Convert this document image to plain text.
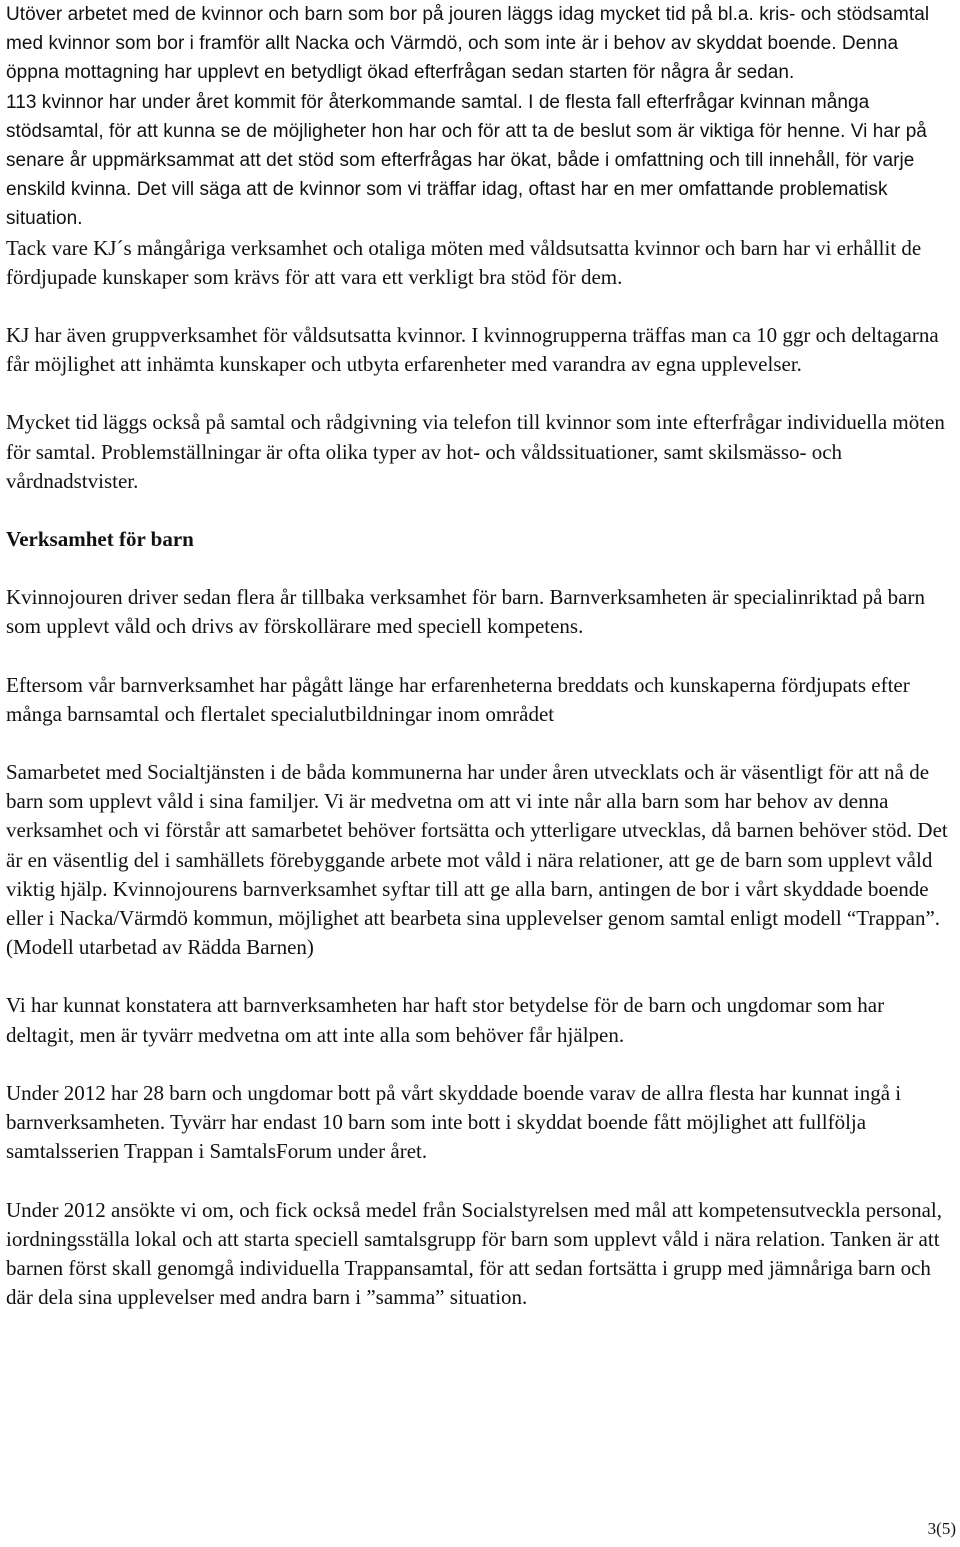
Utöver arbetet med de kvinnor och barn som bor på jouren läggs idag mycket tid på bl.a. kris- och stödsamtal med kvinnor som bor i framför allt Nacka och Värmdö, och som inte är i behov av skyddat boende. Denna öppna mottagning har upplevt en betydligt ökad efterfrågan sedan starten för några år sedan.

113 kvinnor har under året kommit för återkommande samtal. I de flesta fall efterfrågar kvinnan många stödsamtal, för att kunna se de möjligheter hon har och för att ta de beslut som är viktiga för henne. Vi har på senare år uppmärksammat att det stöd som efterfrågas har ökat, både i omfattning och till innehåll, för varje enskild kvinna. Det vill säga att de kvinnor som vi träffar idag, oftast har en mer omfattande problematisk situation.

Tack vare KJ´s mångåriga verksamhet och otaliga möten med våldsutsatta kvinnor och barn har vi erhållit de fördjupade kunskaper som krävs för att vara ett verkligt bra stöd för dem.

KJ har även gruppverksamhet för våldsutsatta kvinnor. I kvinnogrupperna träffas man ca 10 ggr och deltagarna får möjlighet att inhämta kunskaper och utbyta erfarenheter med varandra av egna upplevelser.

Mycket tid läggs också på samtal och rådgivning via telefon till kvinnor som inte efterfrågar individuella möten för samtal. Problemställningar är ofta olika typer av hot- och våldssituationer, samt skilsmässo- och vårdnadstvister.

Verksamhet för barn

Kvinnojouren driver sedan flera år tillbaka verksamhet för barn. Barnverksamheten är specialinriktad på barn som upplevt våld och drivs av förskollärare med speciell kompetens.

Eftersom vår barnverksamhet har pågått länge har erfarenheterna breddats och kunskaperna fördjupats efter många barnsamtal och flertalet specialutbildningar inom området

Samarbetet med Socialtjänsten i de båda kommunerna har under åren utvecklats och är väsentligt för att nå de barn som upplevt våld i sina familjer. Vi är medvetna om att vi inte når alla barn som har behov av denna verksamhet och vi förstår att samarbetet behöver fortsätta och ytterligare utvecklas, då barnen behöver stöd. Det är en väsentlig del i samhällets förebyggande arbete mot våld i nära relationer, att ge de barn som upplevt våld viktig hjälp. Kvinnojourens barnverksamhet syftar till att ge alla barn, antingen de bor i vårt skyddade boende eller i Nacka/Värmdö kommun, möjlighet att bearbeta sina upplevelser genom samtal enligt modell “Trappan”. (Modell utarbetad av Rädda Barnen)

Vi har kunnat konstatera att barnverksamheten har haft stor betydelse för de barn och ungdomar som har deltagit, men är tyvärr medvetna om att inte alla som behöver får hjälpen.

Under 2012 har 28 barn och ungdomar bott på vårt skyddade boende varav de allra flesta har kunnat ingå i barnverksamheten. Tyvärr har endast 10 barn som inte bott i skyddat boende fått möjlighet att fullfölja samtalsserien Trappan i SamtalsForum under året.

Under 2012 ansökte vi om, och fick också medel från Socialstyrelsen med mål att kompetensutveckla personal, iordningsställa lokal och att starta speciell samtalsgrupp för barn som upplevt våld i nära relation. Tanken är att barnen först skall genomgå individuella Trappansamtal, för att sedan fortsätta i grupp med jämnåriga barn och där dela sina upplevelser med andra barn i ”samma” situation.

3(5)
